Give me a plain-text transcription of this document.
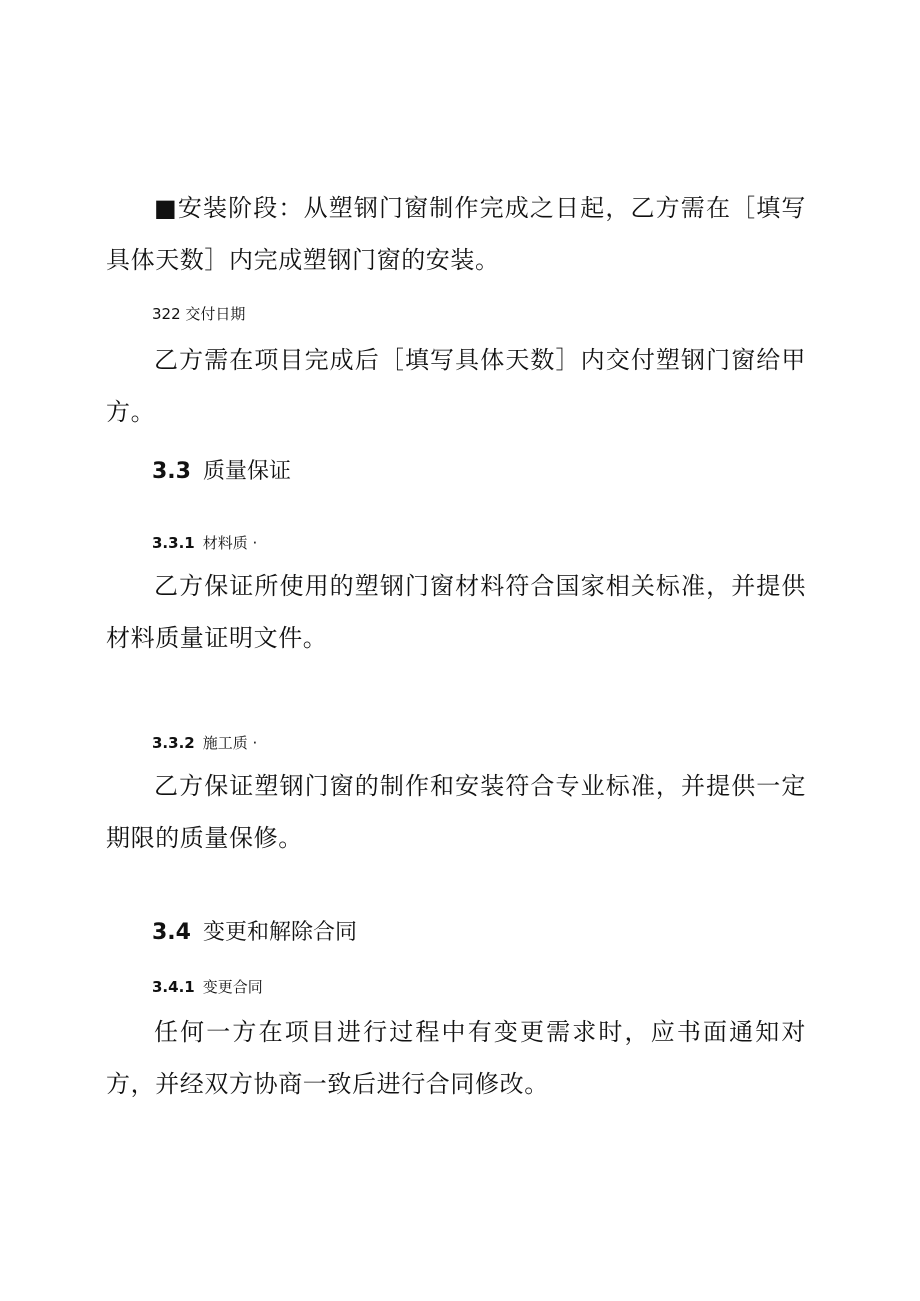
■安装阶段：从塑钢门窗制作完成之日起，乙方需在［填写具体天数］内完成塑钢门窗的安装。

322 交付日期

乙方需在项目完成后［填写具体天数］内交付塑钢门窗给甲方。

3.3 质量保证
3.3.1 材料质 ·

乙方保证所使用的塑钢门窗材料符合国家相关标准，并提供材料质量证明文件。

3.3.2 施工质 ·

乙方保证塑钢门窗的制作和安装符合专业标准，并提供一定期限的质量保修。

3.4 变更和解除合同
3.4.1 变更合同

任何一方在项目进行过程中有变更需求时，应书面通知对方，并经双方协商一致后进行合同修改。
